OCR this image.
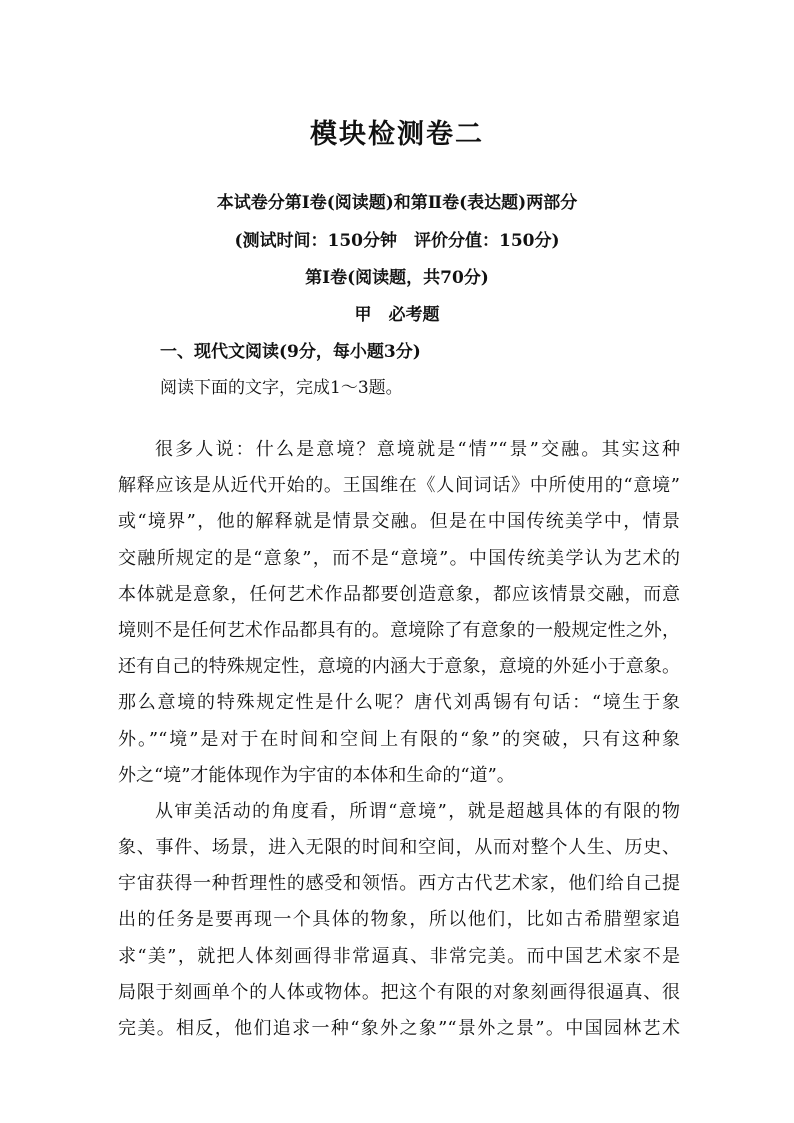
模块检测卷二
本试卷分第Ⅰ卷(阅读题)和第Ⅱ卷(表达题)两部分
(测试时间：150分钟　评价分值：150分)
第Ⅰ卷(阅读题，共70分)
甲　必考题
一、现代文阅读(9分，每小题3分)
阅读下面的文字，完成1～3题。
很多人说：什么是意境？意境就是“情”“景”交融。其实这种
解释应该是从近代开始的。王国维在《人间词话》中所使用的“意境”
或“境界”，他的解释就是情景交融。但是在中国传统美学中，情景
交融所规定的是“意象”，而不是“意境”。中国传统美学认为艺术的
本体就是意象，任何艺术作品都要创造意象，都应该情景交融，而意
境则不是任何艺术作品都具有的。意境除了有意象的一般规定性之外，
还有自己的特殊规定性，意境的内涵大于意象，意境的外延小于意象。
那么意境的特殊规定性是什么呢？唐代刘禹锡有句话：“境生于象
外。”“境”是对于在时间和空间上有限的“象”的突破，只有这种象
外之“境”才能体现作为宇宙的本体和生命的“道”。
从审美活动的角度看，所谓“意境”，就是超越具体的有限的物
象、事件、场景，进入无限的时间和空间，从而对整个人生、历史、
宇宙获得一种哲理性的感受和领悟。西方古代艺术家，他们给自己提
出的任务是要再现一个具体的物象，所以他们，比如古希腊塑家追
求“美”，就把人体刻画得非常逼真、非常完美。而中国艺术家不是
局限于刻画单个的人体或物体。把这个有限的对象刻画得很逼真、很
完美。相反，他们追求一种“象外之象”“景外之景”。中国园林艺术
